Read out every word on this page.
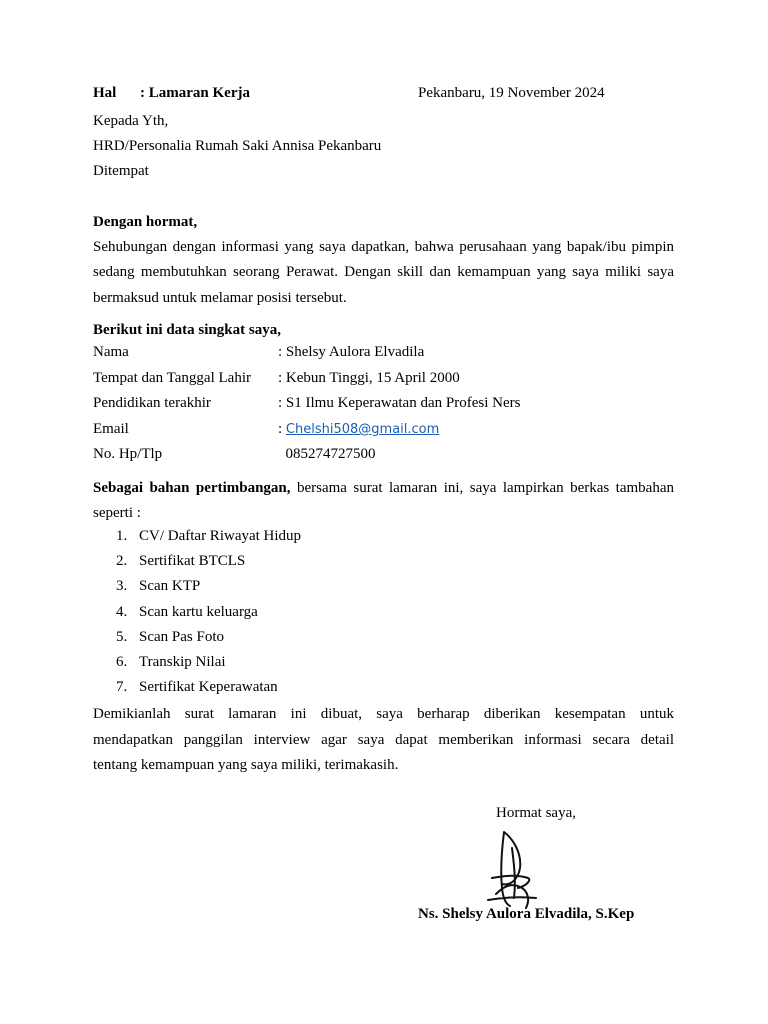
Hal : Lamaran Kerja	Pekanbaru, 19 November 2024
Kepada Yth,
HRD/Personalia Rumah Saki Annisa Pekanbaru
Ditempat
Dengan hormat,
Sehubungan dengan informasi yang saya dapatkan, bahwa perusahaan yang bapak/ibu pimpin
sedang membutuhkan seorang Perawat. Dengan skill dan kemampuan yang saya miliki saya
bermaksud untuk melamar posisi tersebut.
Berikut ini data singkat saya,
Nama	: Shelsy Aulora Elvadila
Tempat dan Tanggal Lahir : Kebun Tinggi, 15 April 2000
Pendidikan terakhir	: S1 Ilmu Keperawatan dan Profesi Ners
Email	: Chelshi508@gmail.com
No. Hp/Tlp	085274727500
Sebagai bahan pertimbangan, bersama surat lamaran ini, saya lampirkan berkas tambahan
seperti :
1. CV/ Daftar Riwayat Hidup
2. Sertifikat BTCLS
3. Scan KTP
4. Scan kartu keluarga
5. Scan Pas Foto
6. Transkip Nilai
7. Sertifikat Keperawatan
Demikianlah surat lamaran ini dibuat, saya berharap diberikan kesempatan untuk
mendapatkan panggilan interview agar saya dapat memberikan informasi secara detail
tentang kemampuan yang saya miliki, terimakasih.
Hormat saya,
Ns. Shelsy Aulora Elvadila, S.Kep
